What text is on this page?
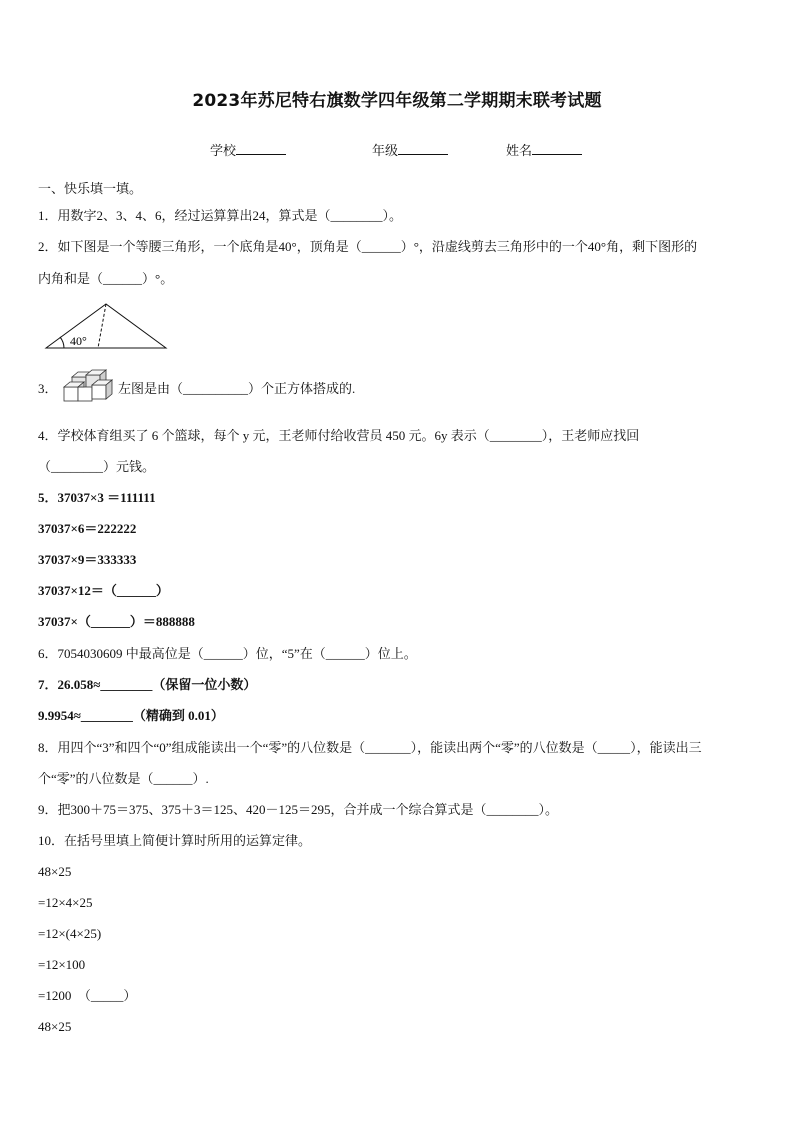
2023年苏尼特右旗数学四年级第二学期期末联考试题
学校	年级	姓名
一、快乐填一填。
1．用数字2、3、4、6，经过运算算出24，算式是（________）。
2．如下图是一个等腰三角形，一个底角是40°，顶角是（______）°，沿虚线剪去三角形中的一个40°角，剩下图形的
内角和是（______）°。
40°
3．	左图是由（__________）个正方体搭成的.
4．学校体育组买了 6 个篮球，每个 y 元，王老师付给收营员 450 元。6y 表示（________），王老师应找回
（________）元钱。
5．37037×3 ＝111111
37037×6＝222222
37037×9＝333333
37037×12＝（______）
37037×（______）＝888888
6．7054030609 中最高位是（______）位，“5”在（______）位上。
7．26.058≈________（保留一位小数）
9.9954≈________（精确到 0.01）
8．用四个“3”和四个“0”组成能读出一个“零”的八位数是（_______），能读出两个“零”的八位数是（_____），能读出三
个“零”的八位数是（______）.
9．把300＋75＝375、375＋3＝125、420－125＝295，合并成一个综合算式是（________）。
10．在括号里填上简便计算时所用的运算定律。
48×25
=12×4×25
=12×(4×25)
=12×100
=1200　（_____）
48×25
